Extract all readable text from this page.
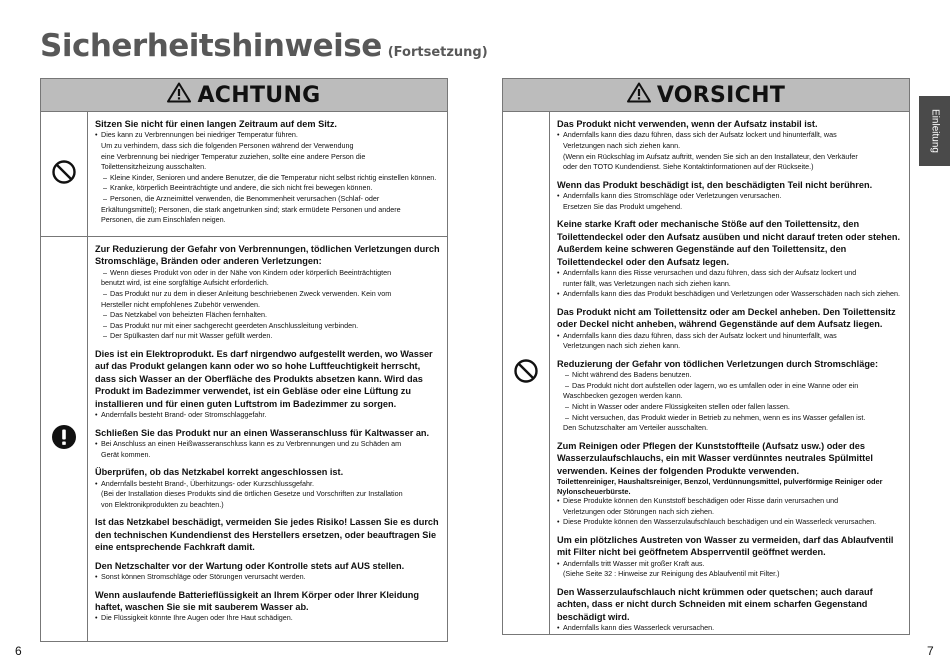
Sicherheitshinweise (Fortsetzung)
ACHTUNG
Sitzen Sie nicht für einen langen Zeitraum auf dem Sitz.
• Dies kann zu Verbrennungen bei niedriger Temperatur führen.
Um zu verhindern, dass sich die folgenden Personen während der Verwendung
eine Verbrennung bei niedriger Temperatur zuziehen, sollte eine andere Person die
Toilettensitzheizung ausschalten.
– Kleine Kinder, Senioren und andere Benutzer, die die Temperatur nicht selbst richtig einstellen können.
– Kranke, körperlich Beeinträchtigte und andere, die sich nicht frei bewegen können.
– Personen, die Arzneimittel verwenden, die Benommenheit verursachen (Schlaf- oder
Erkältungsmittel); Personen, die stark angetrunken sind; stark ermüdete Personen und andere
Personen, die zum Einschlafen neigen.
Zur Reduzierung der Gefahr von Verbrennungen, tödlichen Verletzungen durch Stromschläge, Bränden oder anderen Verletzungen:
– Wenn dieses Produkt von oder in der Nähe von Kindern oder körperlich Beeinträchtigten
benutzt wird, ist eine sorgfältige Aufsicht erforderlich.
– Das Produkt nur zu dem in dieser Anleitung beschriebenen Zweck verwenden. Kein vom
Hersteller nicht empfohlenes Zubehör verwenden.
– Das Netzkabel von beheizten Flächen fernhalten.
– Das Produkt nur mit einer sachgerecht geerdeten Anschlussleitung verbinden.
– Der Spülkasten darf nur mit Wasser gefüllt werden.
Dies ist ein Elektroprodukt. Es darf nirgendwo aufgestellt werden, wo Wasser auf das Produkt gelangen kann oder wo so hohe Luftfeuchtigkeit herrscht, dass sich Wasser an der Oberfläche des Produkts absetzen kann. Wird das Produkt im Badezimmer verwendet, ist ein Gebläse oder eine Lüftung zu installieren und für einen guten Luftstrom im Badezimmer zu sorgen.
• Andernfalls besteht Brand- oder Stromschlaggefahr.
Schließen Sie das Produkt nur an einen Wasseranschluss für Kaltwasser an.
• Bei Anschluss an einen Heißwasseranschluss kann es zu Verbrennungen und zu Schäden am
Gerät kommen.
Überprüfen, ob das Netzkabel korrekt angeschlossen ist.
• Andernfalls besteht Brand-, Überhitzungs- oder Kurzschlussgefahr.
(Bei der Installation dieses Produkts sind die örtlichen Gesetze und Vorschriften zur Installation
von Elektronikprodukten zu beachten.)
Ist das Netzkabel beschädigt, vermeiden Sie jedes Risiko! Lassen Sie es durch den technischen Kundendienst des Herstellers ersetzen, oder beauftragen Sie eine entsprechende Fachkraft damit.
Den Netzschalter vor der Wartung oder Kontrolle stets auf AUS stellen.
• Sonst können Stromschläge oder Störungen verursacht werden.
Wenn auslaufende Batterieflüssigkeit an Ihrem Körper oder Ihrer Kleidung haftet, waschen Sie sie mit sauberem Wasser ab.
• Die Flüssigkeit könnte Ihre Augen oder Ihre Haut schädigen.
VORSICHT
Das Produkt nicht verwenden, wenn der Aufsatz instabil ist.
• Andernfalls kann dies dazu führen, dass sich der Aufsatz lockert und hinunterfällt, was
Verletzungen nach sich ziehen kann.
(Wenn ein Rückschlag im Aufsatz auftritt, wenden Sie sich an den Installateur, den Verkäufer
oder den TOTO Kundendienst. Siehe Kontaktinformationen auf der Rückseite.)
Wenn das Produkt beschädigt ist, den beschädigten Teil nicht berühren.
• Andernfalls kann dies Stromschläge oder Verletzungen verursachen.
Ersetzen Sie das Produkt umgehend.
Keine starke Kraft oder mechanische Stöße auf den Toilettensitz, den Toilettendeckel oder den Aufsatz ausüben und nicht darauf treten oder stehen. Außerdem keine schweren Gegenstände auf den Toilettensitz, den Toilettendeckel oder den Aufsatz legen.
• Andernfalls kann dies Risse verursachen und dazu führen, dass sich der Aufsatz lockert und
runter fällt, was Verletzungen nach sich ziehen kann.
• Andernfalls kann dies das Produkt beschädigen und Verletzungen oder Wasserschäden nach sich ziehen.
Das Produkt nicht am Toilettensitz oder am Deckel anheben. Den Toilettensitz oder Deckel nicht anheben, während Gegenstände auf dem Aufsatz liegen.
• Andernfalls kann dies dazu führen, dass sich der Aufsatz lockert und hinunterfällt, was
Verletzungen nach sich ziehen kann.
Reduzierung der Gefahr von tödlichen Verletzungen durch Stromschläge:
– Nicht während des Badens benutzen.
– Das Produkt nicht dort aufstellen oder lagern, wo es umfallen oder in eine Wanne oder ein
Waschbecken gezogen werden kann.
– Nicht in Wasser oder andere Flüssigkeiten stellen oder fallen lassen.
– Nicht versuchen, das Produkt wieder in Betrieb zu nehmen, wenn es ins Wasser gefallen ist.
Den Schutzschalter am Verteiler ausschalten.
Zum Reinigen oder Pflegen der Kunststoffteile (Aufsatz usw.) oder des Wasserzulaufschlauchs, ein mit Wasser verdünntes neutrales Spülmittel verwenden. Keines der folgenden Produkte verwenden.
Toilettenreiniger, Haushaltsreiniger, Benzol, Verdünnungsmittel, pulverförmige Reiniger oder Nylonscheuerbürste.
• Diese Produkte können den Kunststoff beschädigen oder Risse darin verursachen und
Verletzungen oder Störungen nach sich ziehen.
• Diese Produkte können den Wasserzulaufschlauch beschädigen und ein Wasserleck verursachen.
Um ein plötzliches Austreten von Wasser zu vermeiden, darf das Ablaufventil mit Filter nicht bei geöffnetem Absperrventil geöffnet werden.
• Andernfalls tritt Wasser mit großer Kraft aus.
(Siehe Seite 32 : Hinweise zur Reinigung des Ablaufventil mit Filter.)
Den Wasserzulaufschlauch nicht krümmen oder quetschen; auch darauf achten, dass er nicht durch Schneiden mit einem scharfen Gegenstand beschädigt wird.
• Andernfalls kann dies Wasserleck verursachen.
Einleitung
6	7
